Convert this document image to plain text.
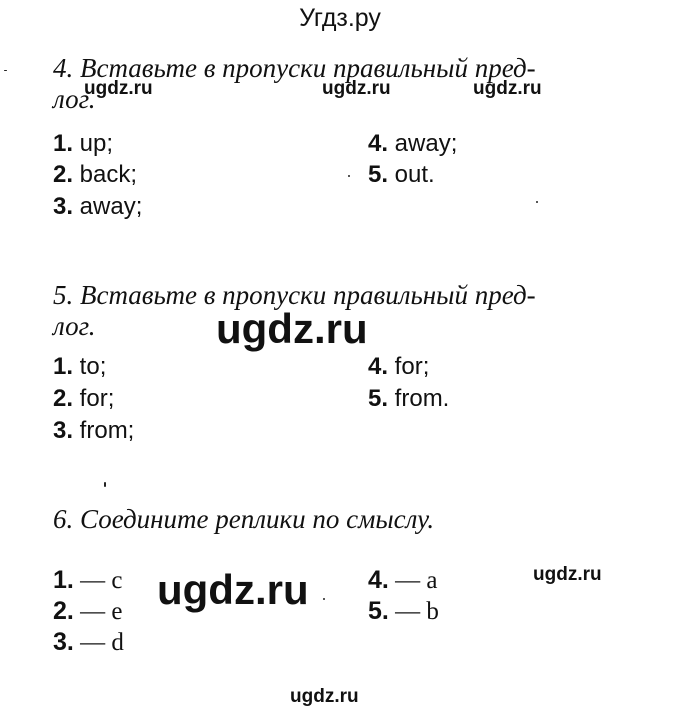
Угдз.ру
4. Вставьте в пропуски правильный пред-
лог.
ugdz.ru	ugdz.ru	ugdz.ru
1. up;
2. back;
3. away;
4. away;
5. out.
5. Вставьте в пропуски правильный пред-
лог.	ugdz.ru
1. to;
2. for;
3. from;
4. for;
5. from.
6. Соедините реплики по смыслу.
ugdz.ru	ugdz.ru
1. — c
2. — e
3. — d
4. — a
5. — b
ugdz.ru
